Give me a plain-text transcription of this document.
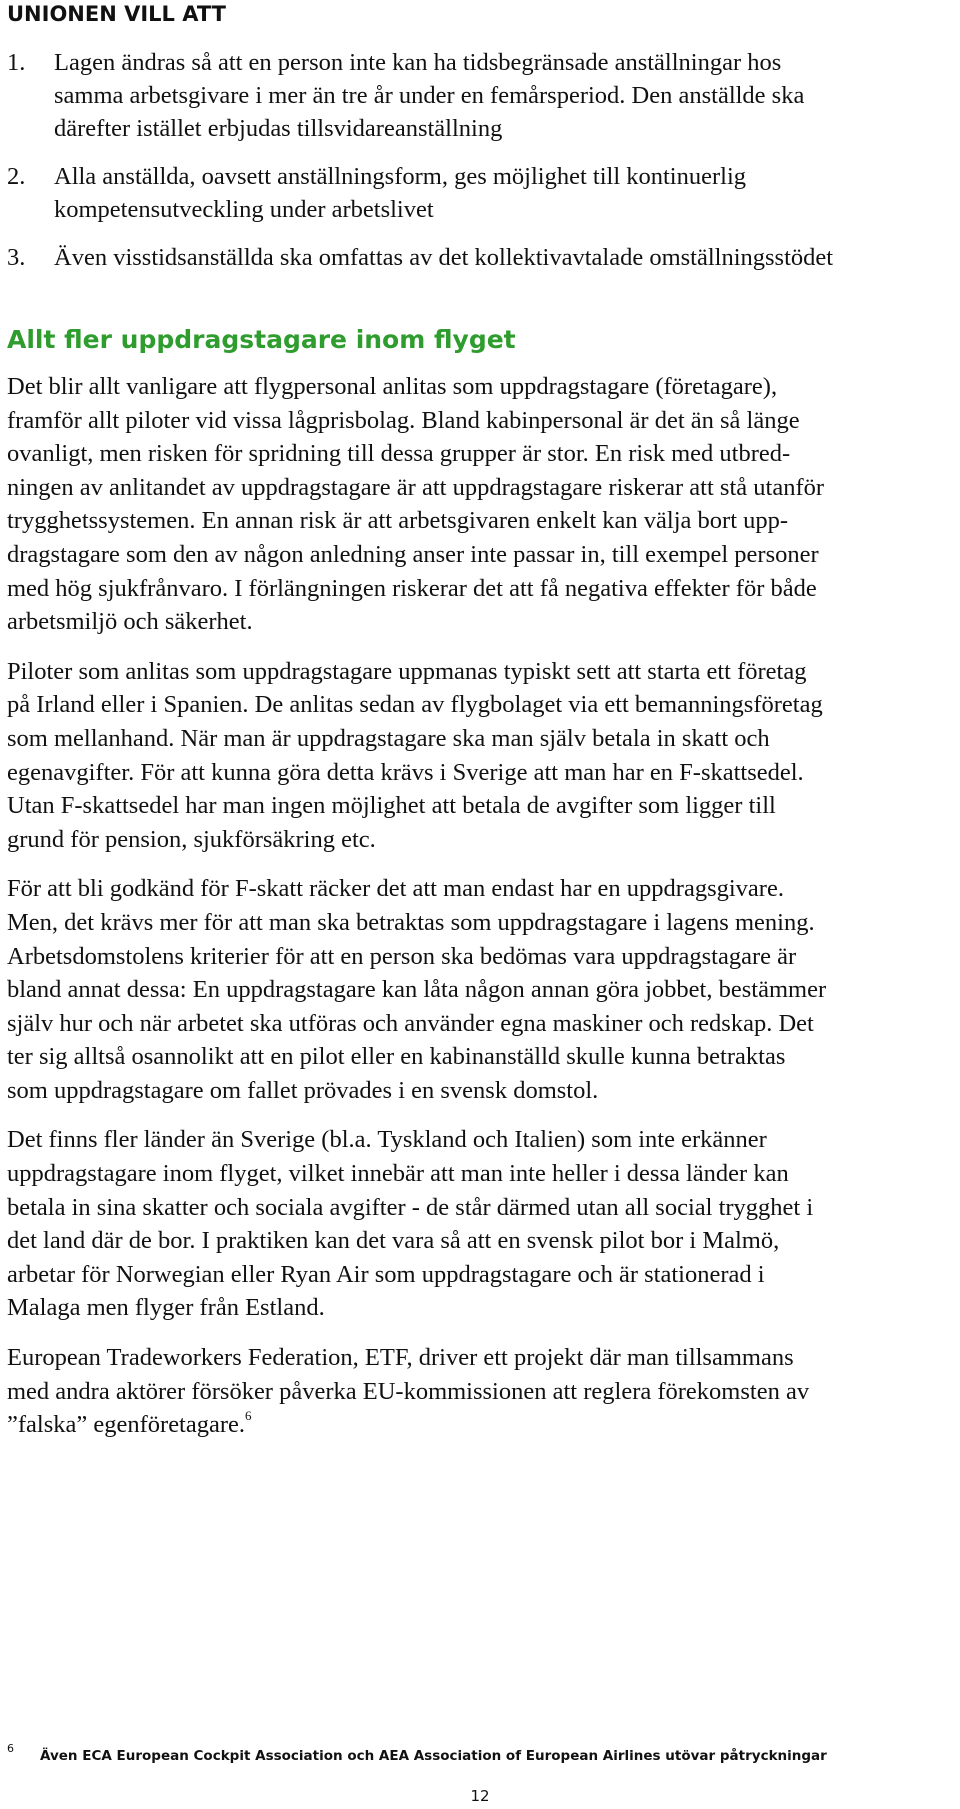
UNIONEN VILL ATT
1. Lagen ändras så att en person inte kan ha tidsbegränsade anställningar hos
samma arbetsgivare i mer än tre år under en femårsperiod. Den anställde ska
därefter istället erbjudas tillsvidareanställning
2. Alla anställda, oavsett anställningsform, ges möjlighet till kontinuerlig
kompetensutveckling under arbetslivet
3. Även visstidsanställda ska omfattas av det kollektivavtalade omställningsstödet
Allt fler uppdragstagare inom flyget

Det blir allt vanligare att flygpersonal anlitas som uppdragstagare (företagare),
framför allt piloter vid vissa lågprisbolag. Bland kabinpersonal är det än så länge
ovanligt, men risken för spridning till dessa grupper är stor. En risk med utbred-
ningen av anlitandet av uppdragstagare är att uppdragstagare riskerar att stå utanför
trygghetssystemen. En annan risk är att arbetsgivaren enkelt kan välja bort upp-
dragstagare som den av någon anledning anser inte passar in, till exempel personer
med hög sjukfrånvaro. I förlängningen riskerar det att få negativa effekter för både
arbetsmiljö och säkerhet.

Piloter som anlitas som uppdragstagare uppmanas typiskt sett att starta ett företag
på Irland eller i Spanien. De anlitas sedan av flygbolaget via ett bemanningsföretag
som mellanhand. När man är uppdragstagare ska man själv betala in skatt och
egenavgifter. För att kunna göra detta krävs i Sverige att man har en F-skattsedel.
Utan F-skattsedel har man ingen möjlighet att betala de avgifter som ligger till
grund för pension, sjukförsäkring etc.

För att bli godkänd för F-skatt räcker det att man endast har en uppdragsgivare.
Men, det krävs mer för att man ska betraktas som uppdragstagare i lagens mening.
Arbetsdomstolens kriterier för att en person ska bedömas vara uppdragstagare är
bland annat dessa: En uppdragstagare kan låta någon annan göra jobbet, bestämmer
själv hur och när arbetet ska utföras och använder egna maskiner och redskap. Det
ter sig alltså osannolikt att en pilot eller en kabinanställd skulle kunna betraktas
som uppdragstagare om fallet prövades i en svensk domstol.

Det finns fler länder än Sverige (bl.a. Tyskland och Italien) som inte erkänner
uppdragstagare inom flyget, vilket innebär att man inte heller i dessa länder kan
betala in sina skatter och sociala avgifter - de står därmed utan all social trygghet i
det land där de bor. I praktiken kan det vara så att en svensk pilot bor i Malmö,
arbetar för Norwegian eller Ryan Air som uppdragstagare och är stationerad i
Malaga men flyger från Estland.

European Tradeworkers Federation, ETF, driver ett projekt där man tillsammans
med andra aktörer försöker påverka EU-kommissionen att reglera förekomsten av
”falska” egenföretagare.$^6$

6 Även ECA European Cockpit Association och AEA Association of European Airlines utövar påtryckningar
12
